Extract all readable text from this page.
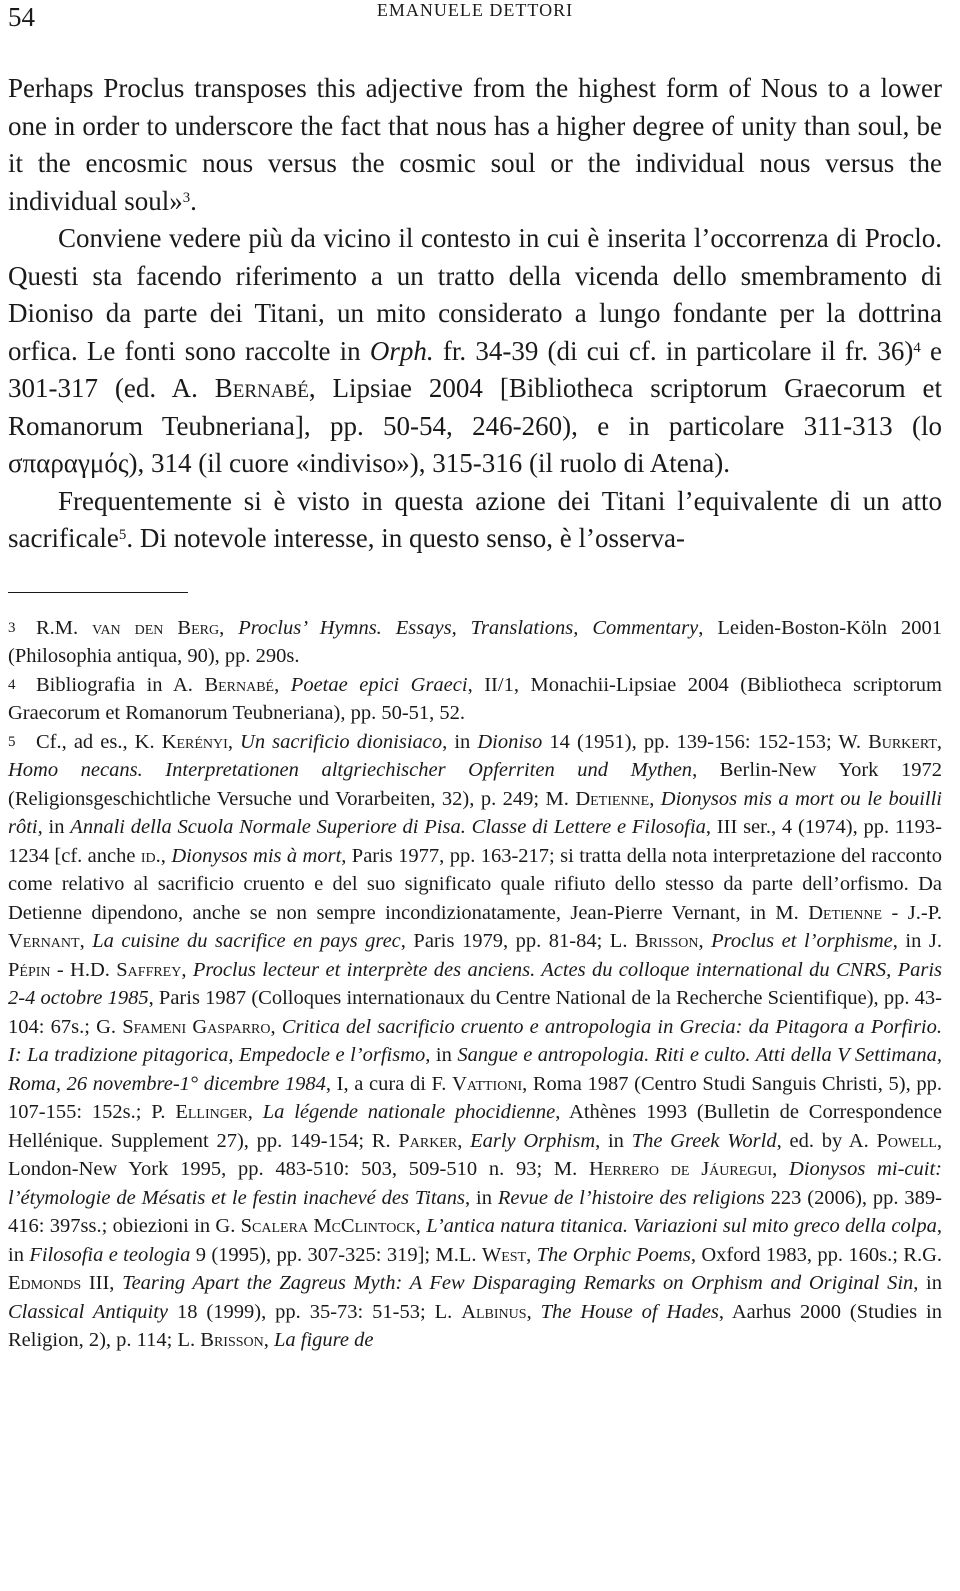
54	EMANUELE DETTORI

Perhaps Proclus transposes this adjective from the highest form of Nous to a lower one in order to underscore the fact that nous has a higher degree of unity than soul, be it the encosmic nous versus the cosmic soul or the individual nous versus the individual soul»$^3$.

Conviene vedere più da vicino il contesto in cui è inserita l’occorrenza di Proclo. Questi sta facendo riferimento a un tratto della vicenda dello smembramento di Dioniso da parte dei Titani, un mito considerato a lungo fondante per la dottrina orfica. Le fonti sono raccolte in Orph. fr. 34-39 (di cui cf. in particolare il fr. 36)$^4$ e 301-317 (ed. A. Bernabé, Lipsiae 2004 [Bibliotheca scriptorum Graecorum et Romanorum Teubneriana], pp. 50-54, 246-260), e in particolare 311-313 (lo σπαραγμός), 314 (il cuore «indiviso»), 315-316 (il ruolo di Atena).

Frequentemente si è visto in questa azione dei Titani l’equivalente di un atto sacrificale$^5$. Di notevole interesse, in questo senso, è l’osserva-

3 R.M. van den Berg, Proclus’ Hymns. Essays, Translations, Commentary, Leiden-Boston-Köln 2001 (Philosophia antiqua, 90), pp. 290s.

4 Bibliografia in A. Bernabé, Poetae epici Graeci, II/1, Monachii-Lipsiae 2004 (Bibliotheca scriptorum Graecorum et Romanorum Teubneriana), pp. 50-51, 52.

5 Cf., ad es., K. Kerényi, Un sacrificio dionisiaco, in Dioniso 14 (1951), pp. 139-156: 152-153; W. Burkert, Homo necans. Interpretationen altgriechischer Opferriten und Mythen, Berlin-New York 1972 (Religionsgeschichtliche Versuche und Vorarbeiten, 32), p. 249; M. Detienne, Dionysos mis a mort ou le bouilli rôti, in Annali della Scuola Normale Superiore di Pisa. Classe di Lettere e Filosofia, III ser., 4 (1974), pp. 1193-1234 [cf. anche id., Dionysos mis à mort, Paris 1977, pp. 163-217; si tratta della nota interpretazione del racconto come relativo al sacrificio cruento e del suo significato quale rifiuto dello stesso da parte dell’orfismo. Da Detienne dipendono, anche se non sempre incondizionatamente, Jean-Pierre Vernant, in M. Detienne - J.-P. Vernant, La cuisine du sacrifice en pays grec, Paris 1979, pp. 81-84; L. Brisson, Proclus et l’orphisme, in J. Pépin - H.D. Saffrey, Proclus lecteur et interprète des anciens. Actes du colloque international du CNRS, Paris 2-4 octobre 1985, Paris 1987 (Colloques internationaux du Centre National de la Recherche Scientifique), pp. 43-104: 67s.; G. Sfameni Gasparro, Critica del sacrificio cruento e antropologia in Grecia: da Pitagora a Porfirio. I: La tradizione pitagorica, Empedocle e l’orfismo, in Sangue e antropologia. Riti e culto. Atti della V Settimana, Roma, 26 novembre-1° dicembre 1984, I, a cura di F. Vattioni, Roma 1987 (Centro Studi Sanguis Christi, 5), pp. 107-155: 152s.; P. Ellinger, La légende nationale phocidienne, Athènes 1993 (Bulletin de Correspondence Hellénique. Supplement 27), pp. 149-154; R. Parker, Early Orphism, in The Greek World, ed. by A. Powell, London-New York 1995, pp. 483-510: 503, 509-510 n. 93; M. Herrero de Jáuregui, Dionysos mi-cuit: l’étymologie de Mésatis et le festin inachevé des Titans, in Revue de l’histoire des religions 223 (2006), pp. 389-416: 397ss.; obiezioni in G. Scalera McClintock, L’antica natura titanica. Variazioni sul mito greco della colpa, in Filosofia e teologia 9 (1995), pp. 307-325: 319]; M.L. West, The Orphic Poems, Oxford 1983, pp. 160s.; R.G. Edmonds III, Tearing Apart the Zagreus Myth: A Few Disparaging Remarks on Orphism and Original Sin, in Classical Antiquity 18 (1999), pp. 35-73: 51-53; L. Albinus, The House of Hades, Aarhus 2000 (Studies in Religion, 2), p. 114; L. Brisson, La figure de
